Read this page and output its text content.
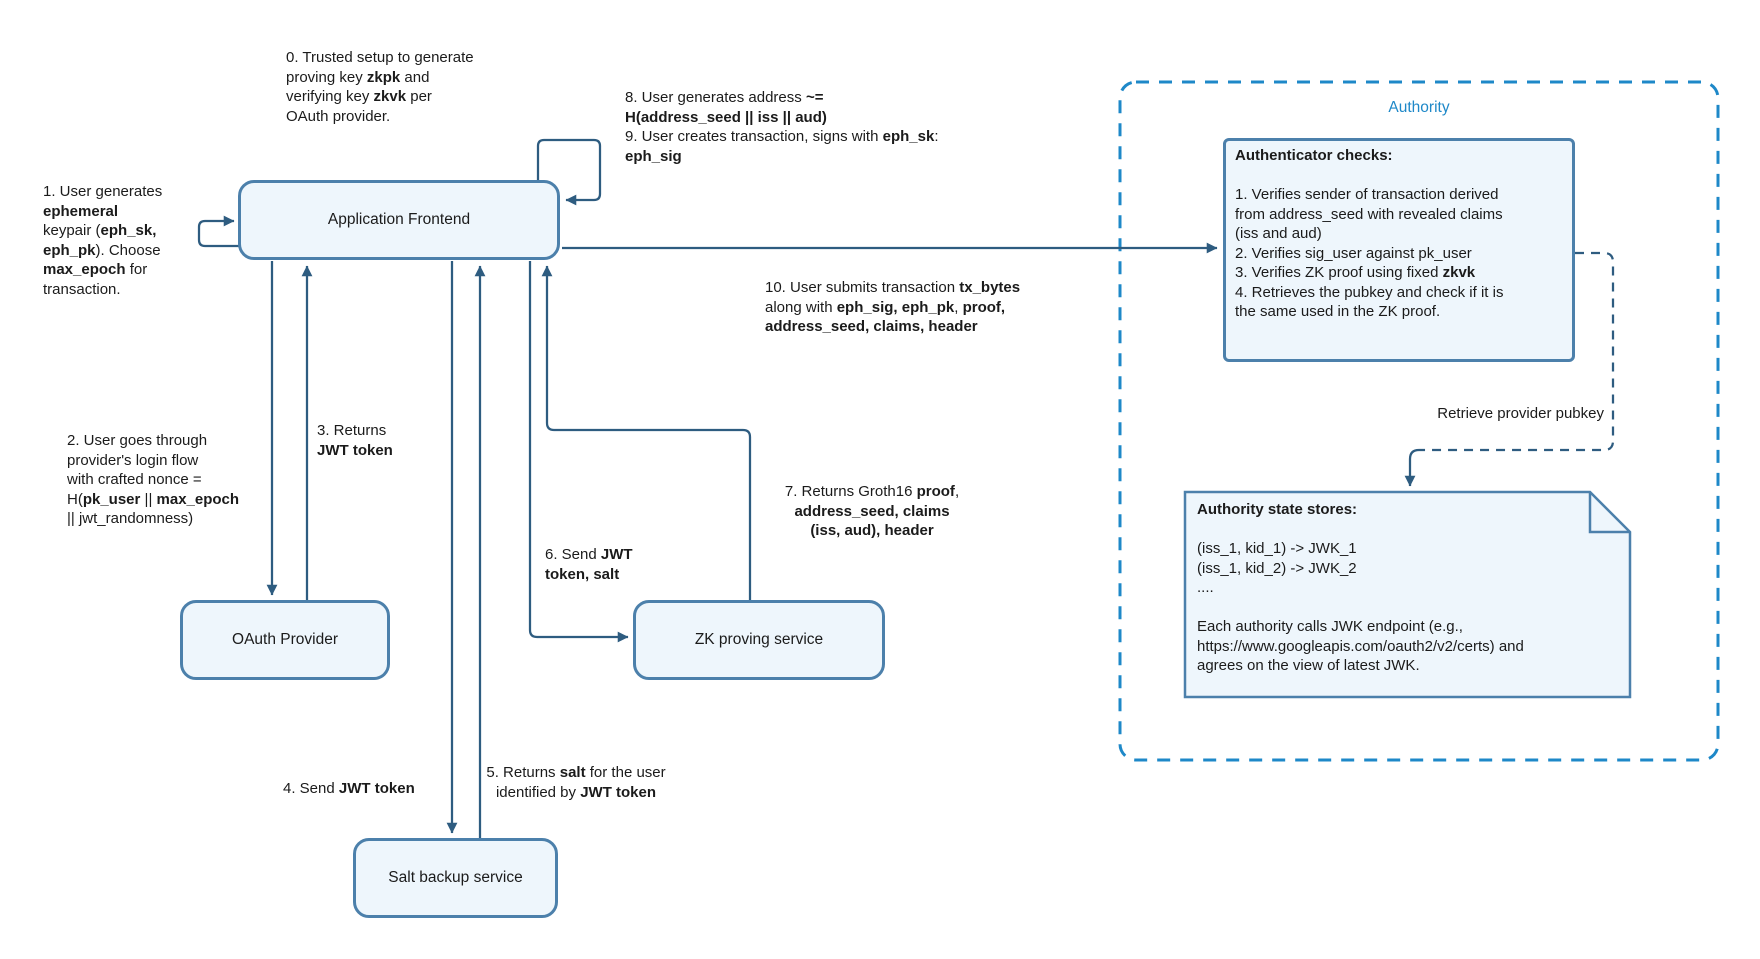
Application Frontend
OAuth Provider	ZK proving service
Salt backup service
Authority
Authenticator checks:

1. Verifies sender of transaction derived
from address_seed with revealed claims
(iss and aud)
2. Verifies sig_user against pk_user
3. Verifies ZK proof using fixed zkvk
4. Retrieves the pubkey and check if it is
the same used in the ZK proof.
Authority state stores:

(iss_1, kid_1) -> JWK_1
(iss_1, kid_2) -> JWK_2
....

Each authority calls JWK endpoint (e.g.,
https://www.googleapis.com/oauth2/v2/certs) and
agrees on the view of latest JWK.
Retrieve provider pubkey
0. Trusted setup to generate
proving key zkpk and
verifying key zkvk per
OAuth provider.
1. User generates
ephemeral
keypair (eph_sk,
eph_pk). Choose
max_epoch for
transaction.
2. User goes through
provider's login flow
with crafted nonce =
H(pk_user || max_epoch
|| jwt_randomness)
3. Returns
JWT token
4. Send JWT token
5. Returns salt for the user
identified by JWT token
6. Send JWT
token, salt
7. Returns Groth16 proof,
address_seed, claims
(iss, aud), header
8. User generates address ~=
H(address_seed || iss || aud)
9. User creates transaction, signs with eph_sk:
eph_sig
10. User submits transaction tx_bytes
along with eph_sig, eph_pk, proof,
address_seed, claims, header
